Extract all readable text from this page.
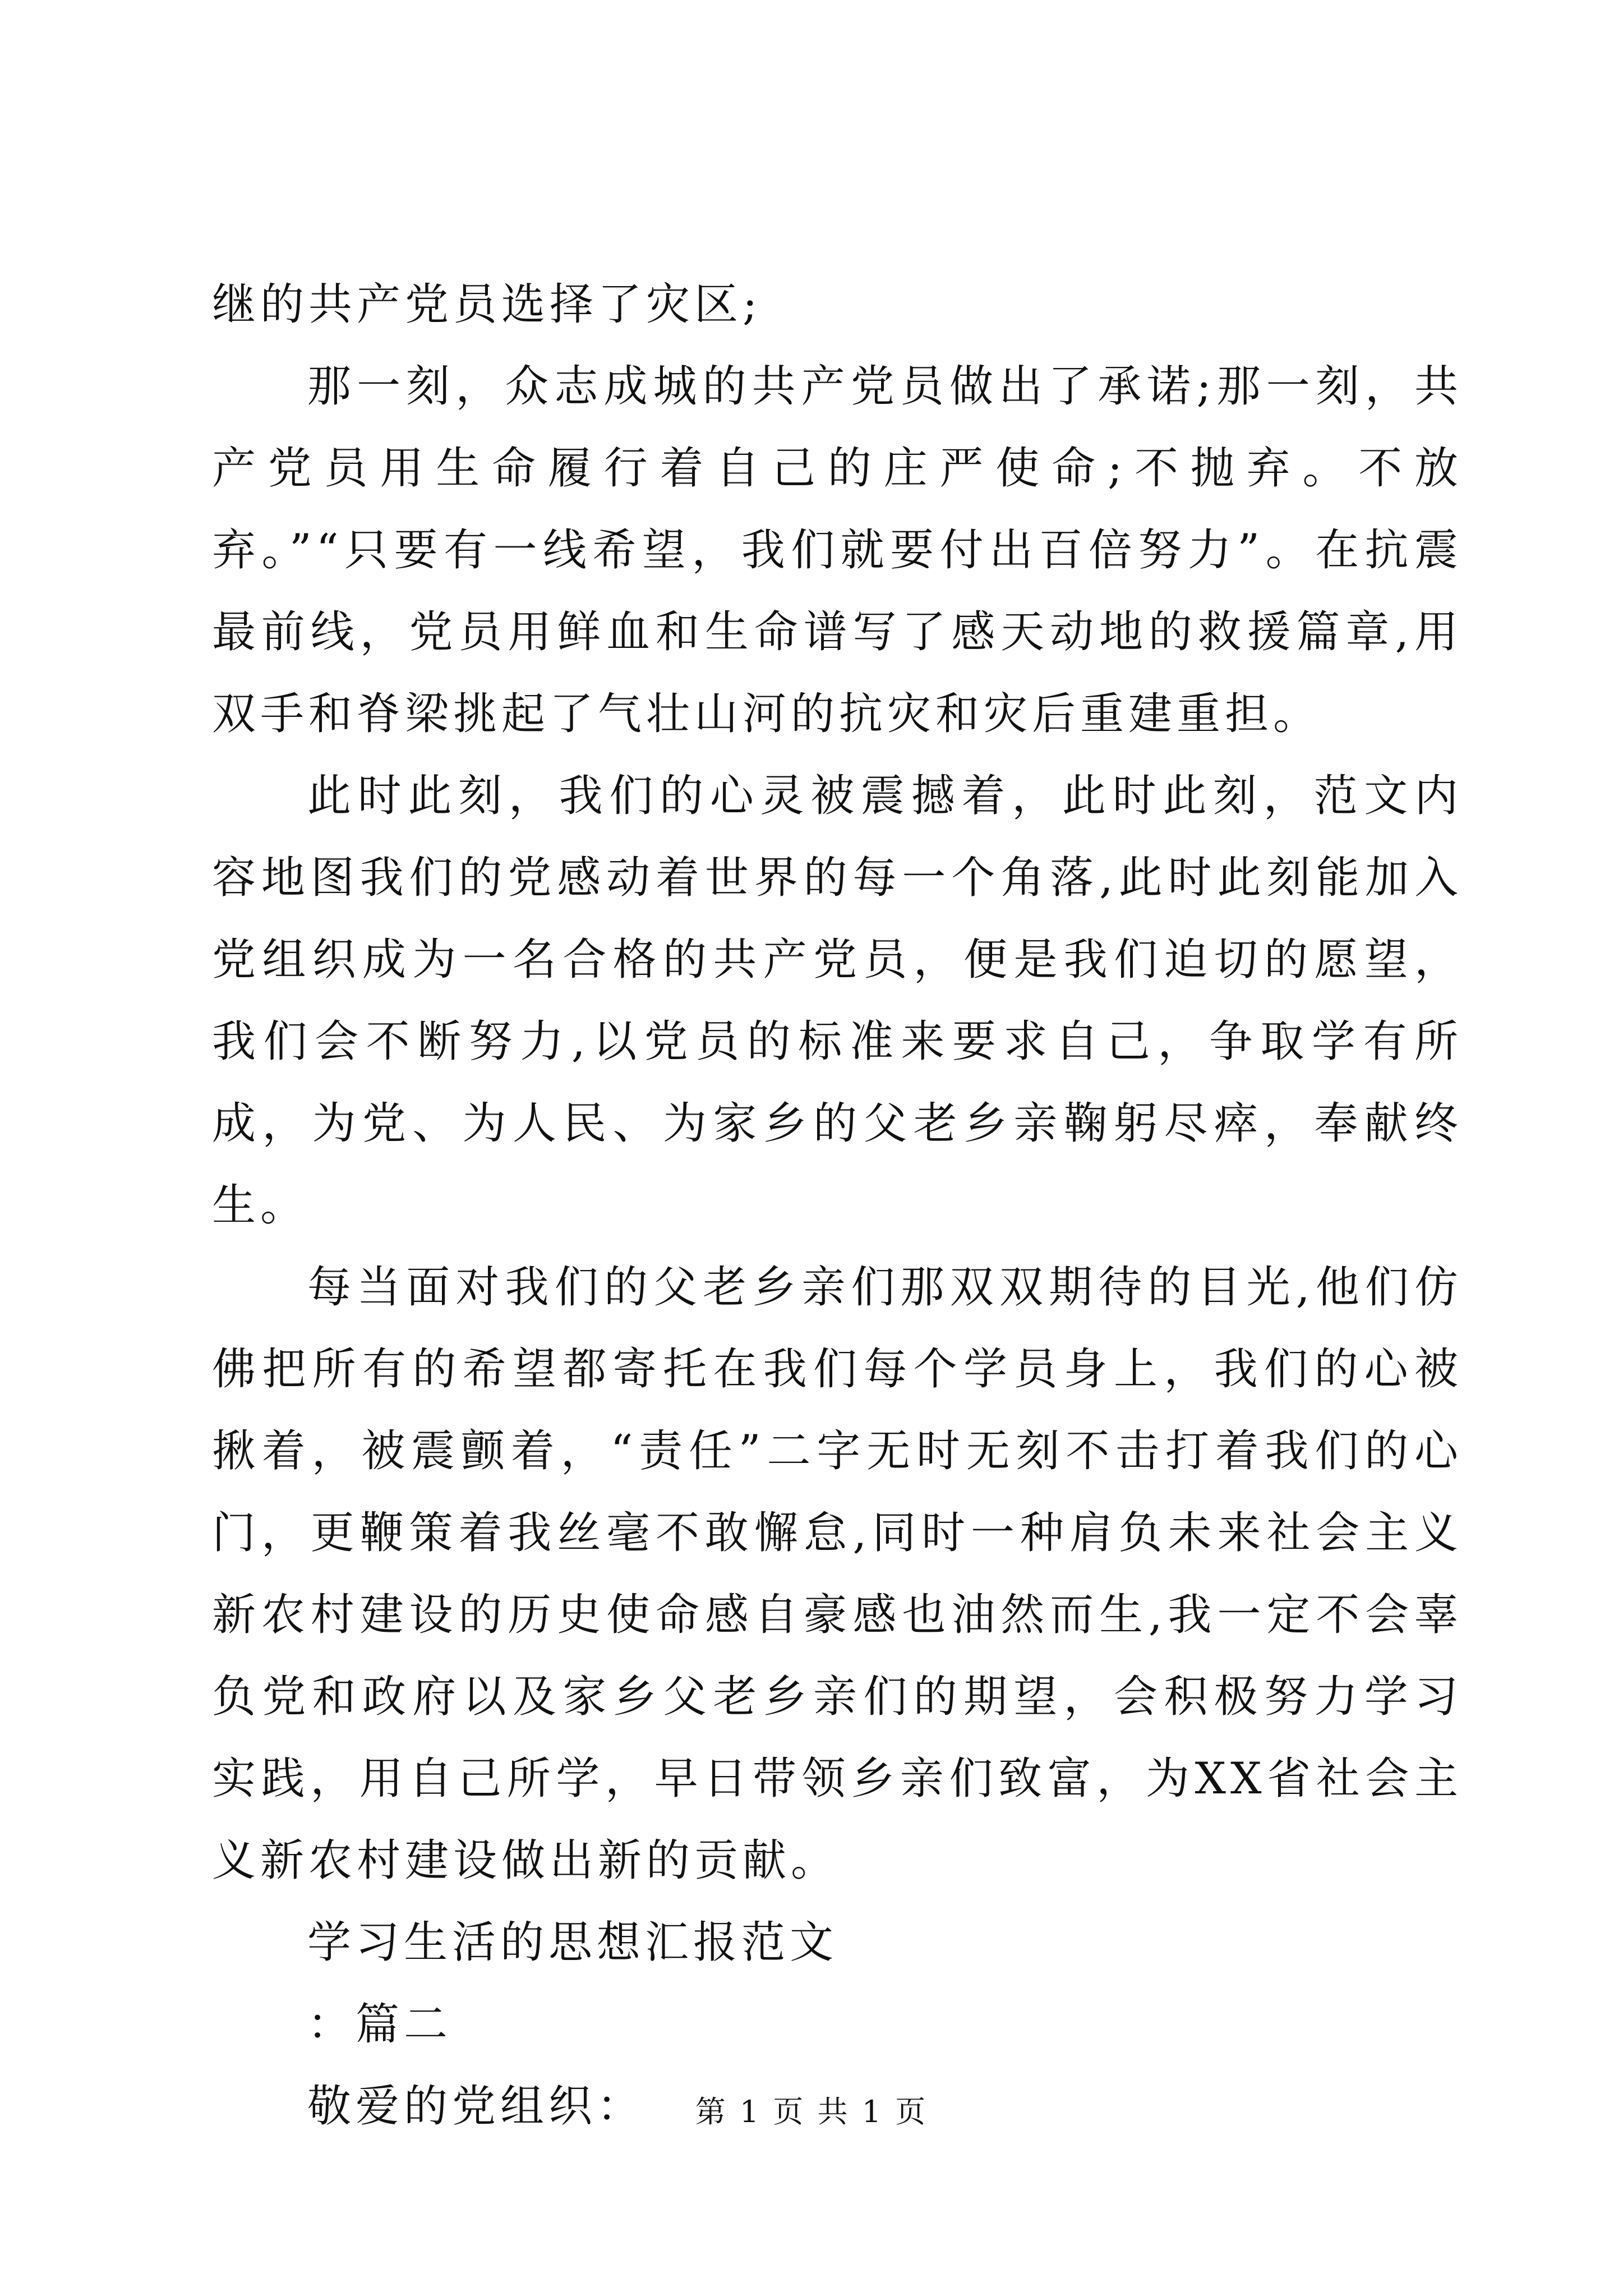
继的共产党员选择了灾区;

那一刻，众志成城的共产党员做出了承诺;那一刻，共产党员用生命履行着自己的庄严使命;不抛弃。不放弃。”“只要有一线希望，我们就要付出百倍努力”。在抗震最前线，党员用鲜血和生命谱写了感天动地的救援篇章,用双手和脊梁挑起了气壮山河的抗灾和灾后重建重担。

此时此刻，我们的心灵被震撼着，此时此刻，范文内容地图我们的党感动着世界的每一个角落,此时此刻能加入党组织成为一名合格的共产党员，便是我们迫切的愿望，我们会不断努力,以党员的标准来要求自己，争取学有所成，为党、为人民、为家乡的父老乡亲鞠躬尽瘁，奉献终生。

每当面对我们的父老乡亲们那双双期待的目光,他们仿佛把所有的希望都寄托在我们每个学员身上，我们的心被揪着，被震颤着，“责任”二字无时无刻不击打着我们的心门，更鞭策着我丝毫不敢懈怠,同时一种肩负未来社会主义新农村建设的历史使命感自豪感也油然而生,我一定不会辜负党和政府以及家乡父老乡亲们的期望，会积极努力学习实践，用自己所学，早日带领乡亲们致富，为XX省社会主义新农村建设做出新的贡献。

学习生活的思想汇报范文

：篇二

敬爱的党组织：	第 1 页 共 1 页
